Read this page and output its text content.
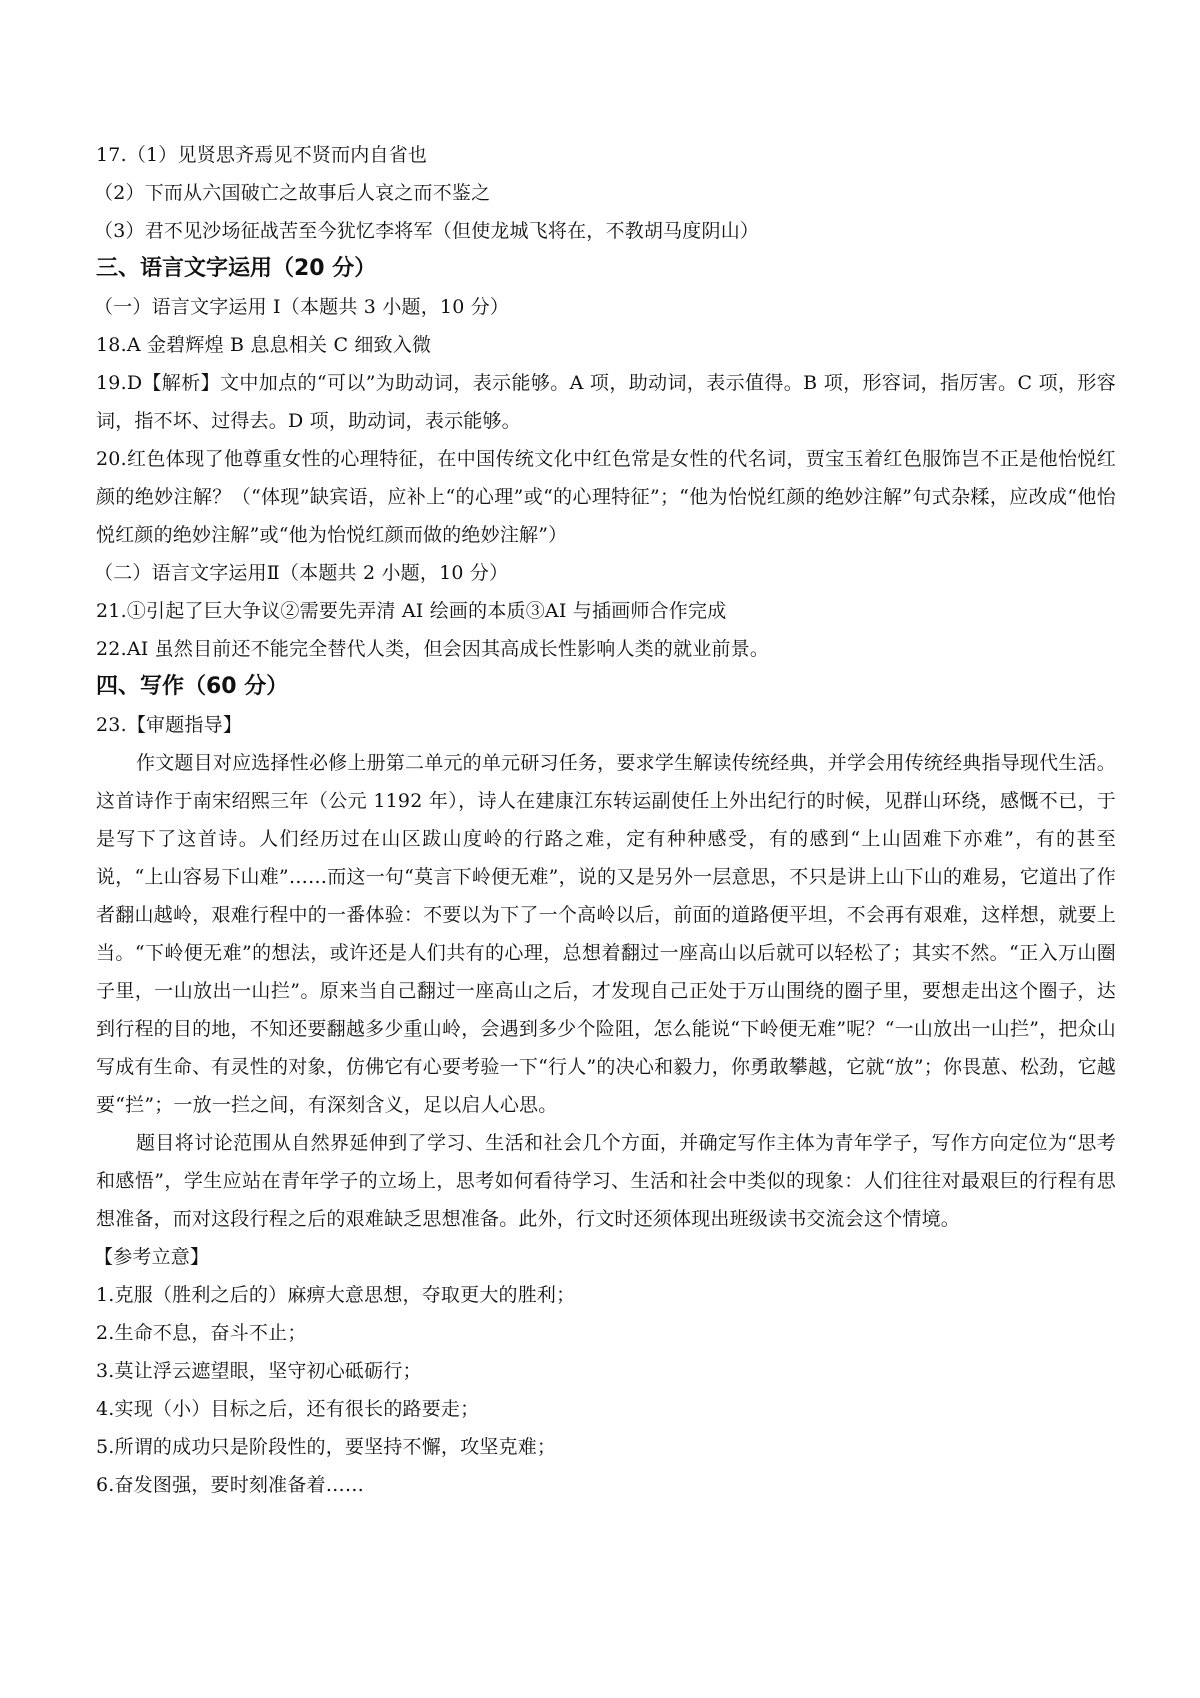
17.（1）见贤思齐焉见不贤而内自省也
（2）下而从六国破亡之故事后人哀之而不鉴之
（3）君不见沙场征战苦至今犹忆李将军（但使龙城飞将在，不教胡马度阴山）
三、语言文字运用（20 分）
（一）语言文字运用 Ⅰ（本题共 3 小题，10 分）
18.A 金碧辉煌 B 息息相关 C 细致入微
19.D【解析】文中加点的“可以”为助动词，表示能够。A 项，助动词，表示值得。B 项，形容词，指厉害。C 项，形容词，指不坏、过得去。D 项，助动词，表示能够。
20.红色体现了他尊重女性的心理特征，在中国传统文化中红色常是女性的代名词，贾宝玉着红色服饰岂不正是他怡悦红颜的绝妙注解？（“体现”缺宾语，应补上“的心理”或“的心理特征”；“他为怡悦红颜的绝妙注解”句式杂糅，应改成“他怡悦红颜的绝妙注解”或“他为怡悦红颜而做的绝妙注解”）
（二）语言文字运用Ⅱ（本题共 2 小题，10 分）
21.①引起了巨大争议②需要先弄清 AI 绘画的本质③AI 与插画师合作完成
22.AI 虽然目前还不能完全替代人类，但会因其高成长性影响人类的就业前景。
四、写作（60 分）
23.【审题指导】
作文题目对应选择性必修上册第二单元的单元研习任务，要求学生解读传统经典，并学会用传统经典指导现代生活。这首诗作于南宋绍熙三年（公元 1192 年），诗人在建康江东转运副使任上外出纪行的时候，见群山环绕，感慨不已，于是写下了这首诗。人们经历过在山区跋山度岭的行路之难，定有种种感受，有的感到“上山固难下亦难”，有的甚至说，“上山容易下山难”……而这一句“莫言下岭便无难”，说的又是另外一层意思，不只是讲上山下山的难易，它道出了作者翻山越岭，艰难行程中的一番体验：不要以为下了一个高岭以后，前面的道路便平坦，不会再有艰难，这样想，就要上当。“下岭便无难”的想法，或许还是人们共有的心理，总想着翻过一座高山以后就可以轻松了；其实不然。“正入万山圈子里，一山放出一山拦”。原来当自己翻过一座高山之后，才发现自己正处于万山围绕的圈子里，要想走出这个圈子，达到行程的目的地，不知还要翻越多少重山岭，会遇到多少个险阻，怎么能说“下岭便无难”呢？“一山放出一山拦”，把众山写成有生命、有灵性的对象，仿佛它有心要考验一下“行人”的决心和毅力，你勇敢攀越，它就“放”；你畏葸、松劲，它越要“拦”；一放一拦之间，有深刻含义，足以启人心思。
题目将讨论范围从自然界延伸到了学习、生活和社会几个方面，并确定写作主体为青年学子，写作方向定位为“思考和感悟”，学生应站在青年学子的立场上，思考如何看待学习、生活和社会中类似的现象：人们往往对最艰巨的行程有思想准备，而对这段行程之后的艰难缺乏思想准备。此外，行文时还须体现出班级读书交流会这个情境。
【参考立意】
1.克服（胜利之后的）麻痹大意思想，夺取更大的胜利；
2.生命不息，奋斗不止；
3.莫让浮云遮望眼，坚守初心砥砺行；
4.实现（小）目标之后，还有很长的路要走；
5.所谓的成功只是阶段性的，要坚持不懈，攻坚克难；
6.奋发图强，要时刻准备着……
